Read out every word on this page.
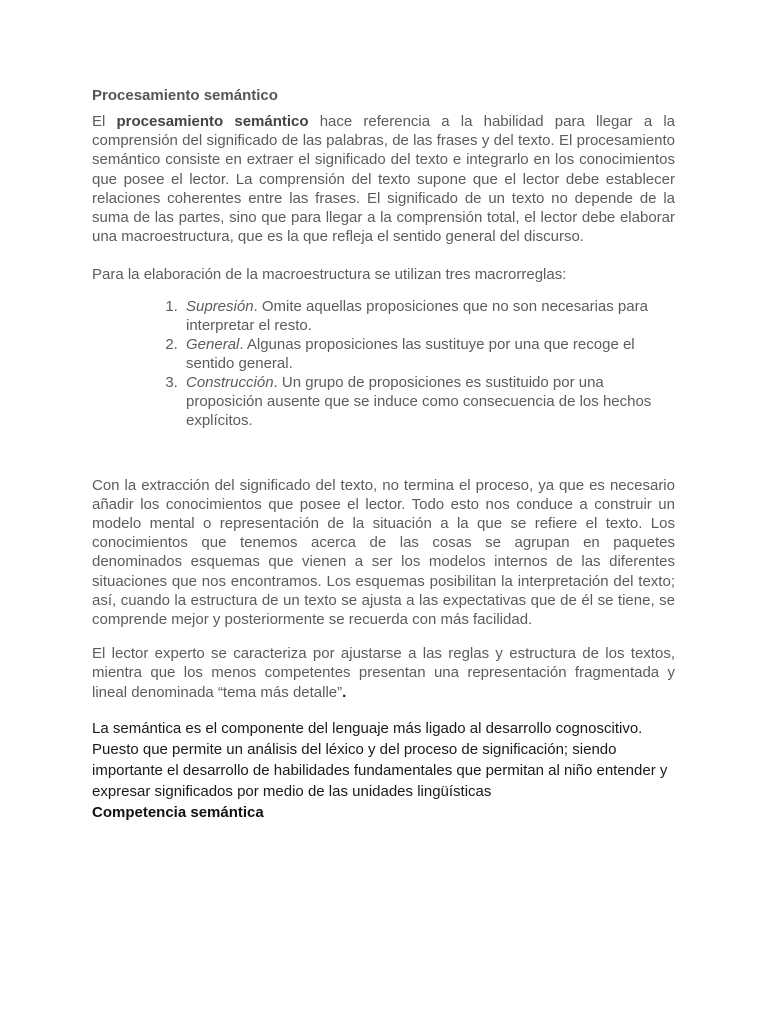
Procesamiento semántico

El procesamiento semántico hace referencia a la habilidad para llegar a la comprensión del significado de las palabras, de las frases y del texto. El procesamiento semántico consiste en extraer el significado del texto e integrarlo en los conocimientos que posee el lector. La comprensión del texto supone que el lector debe establecer relaciones coherentes entre las frases. El significado de un texto no depende de la suma de las partes, sino que para llegar a la comprensión total, el lector debe elaborar una macroestructura, que es la que refleja el sentido general del discurso.

Para la elaboración de la macroestructura se utilizan tres macrorreglas:

1. Supresión. Omite aquellas proposiciones que no son necesarias para interpretar el resto.
2. General. Algunas proposiciones las sustituye por una que recoge el sentido general.
3. Construcción. Un grupo de proposiciones es sustituido por una proposición ausente que se induce como consecuencia de los hechos explícitos.

Con la extracción del significado del texto, no termina el proceso, ya que es necesario añadir los conocimientos que posee el lector. Todo esto nos conduce a construir un modelo mental o representación de la situación a la que se refiere el texto. Los conocimientos que tenemos acerca de las cosas se agrupan en paquetes denominados esquemas que vienen a ser los modelos internos de las diferentes situaciones que nos encontramos. Los esquemas posibilitan la interpretación del texto; así, cuando la estructura de un texto se ajusta a las expectativas que de él se tiene, se comprende mejor y posteriormente se recuerda con más facilidad.

El lector experto se caracteriza por ajustarse a las reglas y estructura de los textos, mientra que los menos competentes presentan una representación fragmentada y lineal denominada “tema más detalle”.

La semántica es el componente del lenguaje más ligado al desarrollo cognoscitivo. Puesto que permite un análisis del léxico y del proceso de significación; siendo importante el desarrollo de habilidades fundamentales que permitan al niño entender y expresar significados por medio de las unidades lingüísticas

Competencia semántica
